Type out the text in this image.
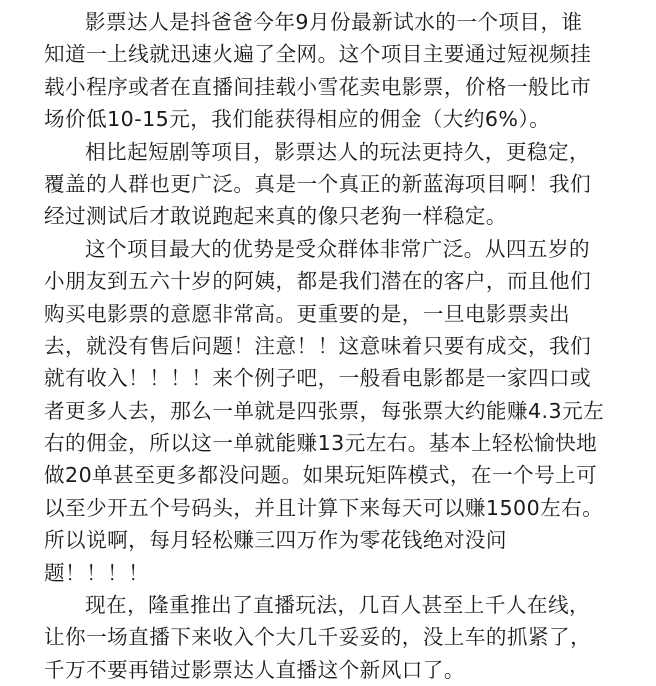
影票达人是抖爸爸今年9月份最新试水的一个项目，谁
知道一上线就迅速火遍了全网。这个项目主要通过短视频挂
载小程序或者在直播间挂载小雪花卖电影票，价格一般比市
场价低10-15元，我们能获得相应的佣金（大约6%）。
相比起短剧等项目，影票达人的玩法更持久，更稳定，
覆盖的人群也更广泛。真是一个真正的新蓝海项目啊！我们
经过测试后才敢说跑起来真的像只老狗一样稳定。
这个项目最大的优势是受众群体非常广泛。从四五岁的
小朋友到五六十岁的阿姨，都是我们潜在的客户，而且他们
购买电影票的意愿非常高。更重要的是，一旦电影票卖出
去，就没有售后问题！注意！！这意味着只要有成交，我们
就有收入！！！！来个例子吧，一般看电影都是一家四口或
者更多人去，那么一单就是四张票，每张票大约能赚4.3元左
右的佣金，所以这一单就能赚13元左右。基本上轻松愉快地
做20单甚至更多都没问题。如果玩矩阵模式，在一个号上可
以至少开五个号码头，并且计算下来每天可以赚1500左右。
所以说啊，每月轻松赚三四万作为零花钱绝对没问
题！！！！
现在，隆重推出了直播玩法，几百人甚至上千人在线，
让你一场直播下来收入个大几千妥妥的，没上车的抓紧了，
千万不要再错过影票达人直播这个新风口了。
